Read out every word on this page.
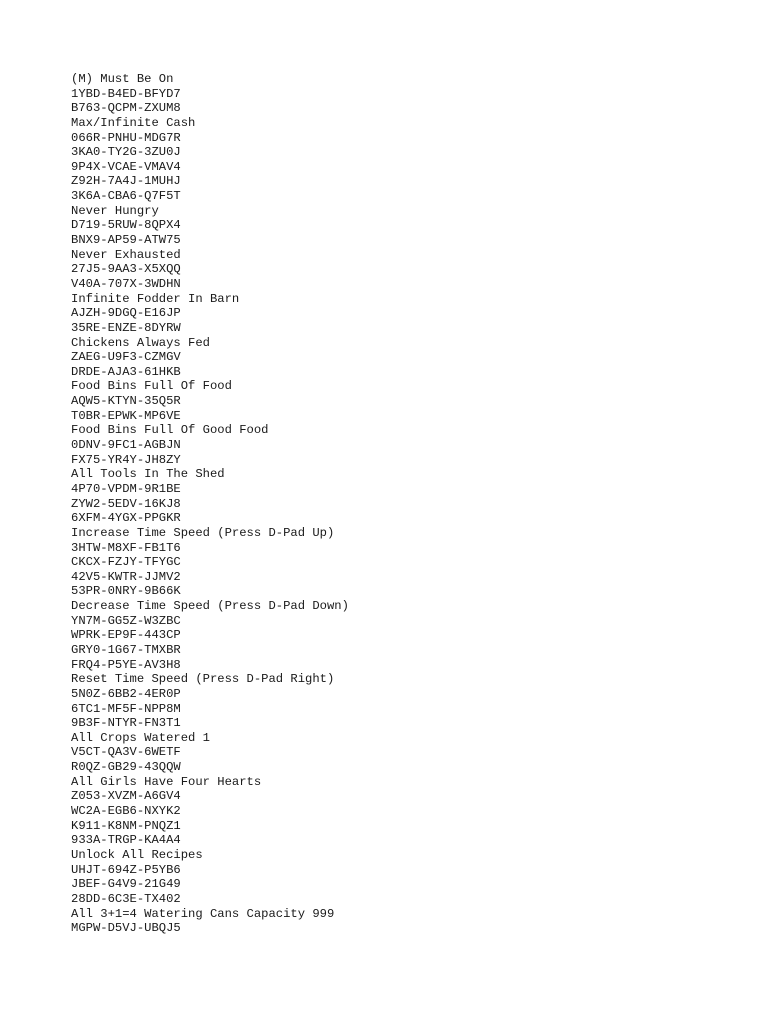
(M) Must Be On
1YBD-B4ED-BFYD7
B763-QCPM-ZXUM8
Max/Infinite Cash
066R-PNHU-MDG7R
3KA0-TY2G-3ZU0J
9P4X-VCAE-VMAV4
Z92H-7A4J-1MUHJ
3K6A-CBA6-Q7F5T
Never Hungry
D719-5RUW-8QPX4
BNX9-AP59-ATW75
Never Exhausted
27J5-9AA3-X5XQQ
V40A-707X-3WDHN
Infinite Fodder In Barn
AJZH-9DGQ-E16JP
35RE-ENZE-8DYRW
Chickens Always Fed
ZAEG-U9F3-CZMGV
DRDE-AJA3-61HKB
Food Bins Full Of Food
AQW5-KTYN-35Q5R
T0BR-EPWK-MP6VE
Food Bins Full Of Good Food
0DNV-9FC1-AGBJN
FX75-YR4Y-JH8ZY
All Tools In The Shed
4P70-VPDM-9R1BE
ZYW2-5EDV-16KJ8
6XFM-4YGX-PPGKR
Increase Time Speed (Press D-Pad Up)
3HTW-M8XF-FB1T6
CKCX-FZJY-TFYGC
42V5-KWTR-JJMV2
53PR-0NRY-9B66K
Decrease Time Speed (Press D-Pad Down)
YN7M-GG5Z-W3ZBC
WPRK-EP9F-443CP
GRY0-1G67-TMXBR
FRQ4-P5YE-AV3H8
Reset Time Speed (Press D-Pad Right)
5N0Z-6BB2-4ER0P
6TC1-MF5F-NPP8M
9B3F-NTYR-FN3T1
All Crops Watered 1
V5CT-QA3V-6WETF
R0QZ-GB29-43QQW
All Girls Have Four Hearts
Z053-XVZM-A6GV4
WC2A-EGB6-NXYK2
K911-K8NM-PNQZ1
933A-TRGP-KA4A4
Unlock All Recipes
UHJT-694Z-P5YB6
JBEF-G4V9-21G49
28DD-6C3E-TX402
All 3+1=4 Watering Cans Capacity 999
MGPW-D5VJ-UBQJ5
